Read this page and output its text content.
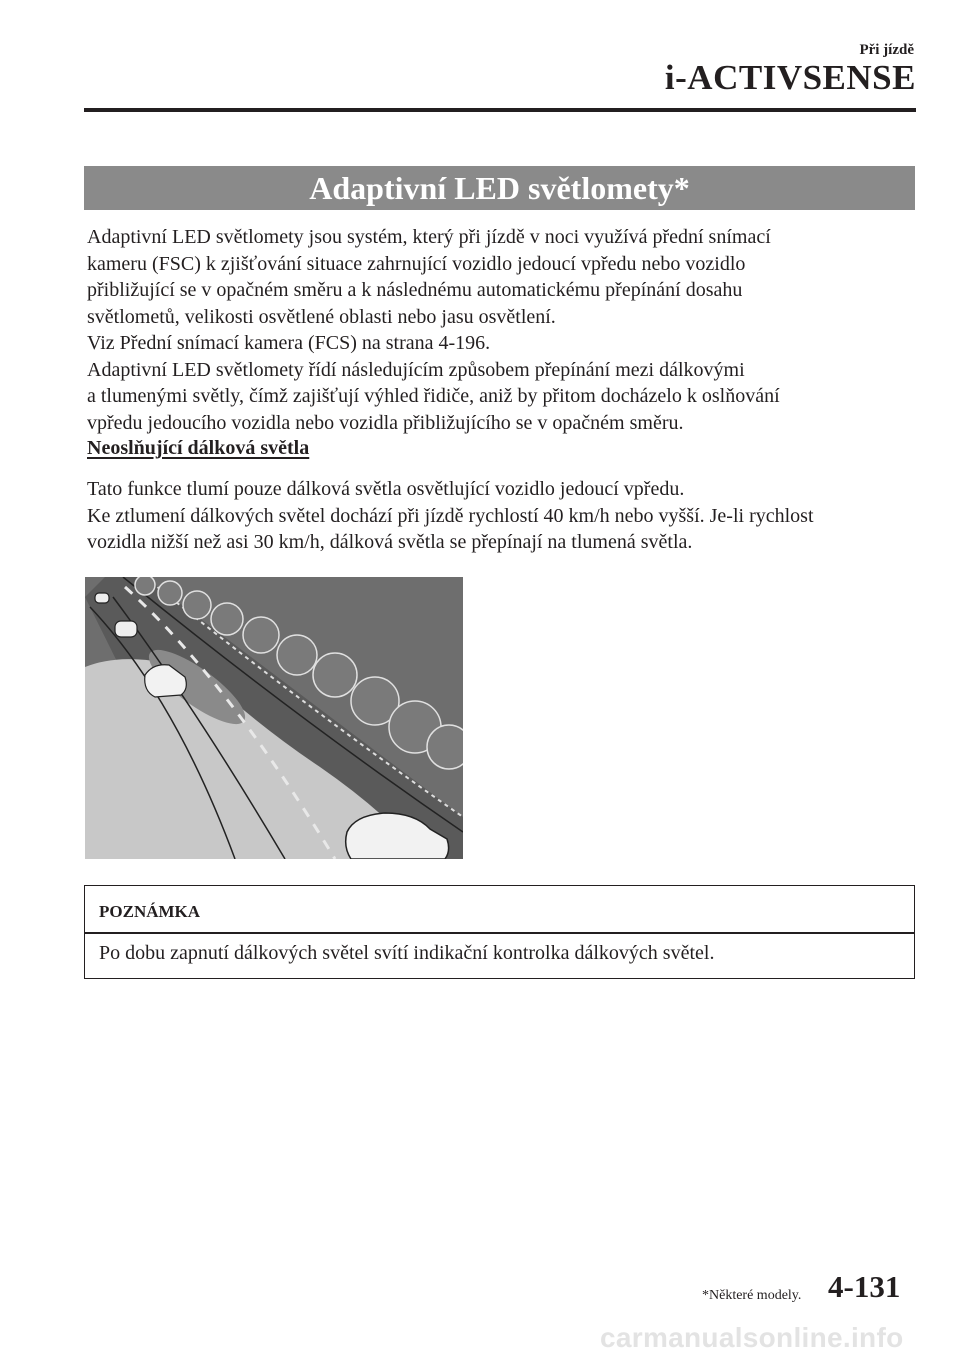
Při jízdě
i-ACTIVSENSE
Adaptivní LED světlomety*

Adaptivní LED světlomety jsou systém, který při jízdě v noci využívá přední snímací

kameru (FSC) k zjišťování situace zahrnující vozidlo jedoucí vpředu nebo vozidlo

přibližující se v opačném směru a k následnému automatickému přepínání dosahu

světlometů, velikosti osvětlené oblasti nebo jasu osvětlení.

Viz Přední snímací kamera (FCS) na strana 4-196.

Adaptivní LED světlomety řídí následujícím způsobem přepínání mezi dálkovými

a tlumenými světly, čímž zajišťují výhled řidiče, aniž by přitom docházelo k oslňování

vpředu jedoucího vozidla nebo vozidla přibližujícího se v opačném směru.

Neoslňující dálková světla

Tato funkce tlumí pouze dálková světla osvětlující vozidlo jedoucí vpředu.

Ke ztlumení dálkových světel dochází při jízdě rychlostí 40 km/h nebo vyšší. Je-li rychlost

vozidla nižší než asi 30 km/h, dálková světla se přepínají na tlumená světla.

POZNÁMKA
Po dobu zapnutí dálkových světel svítí indikační kontrolka dálkových světel.
*Některé modely. 4-131
carmanualsonline.info
